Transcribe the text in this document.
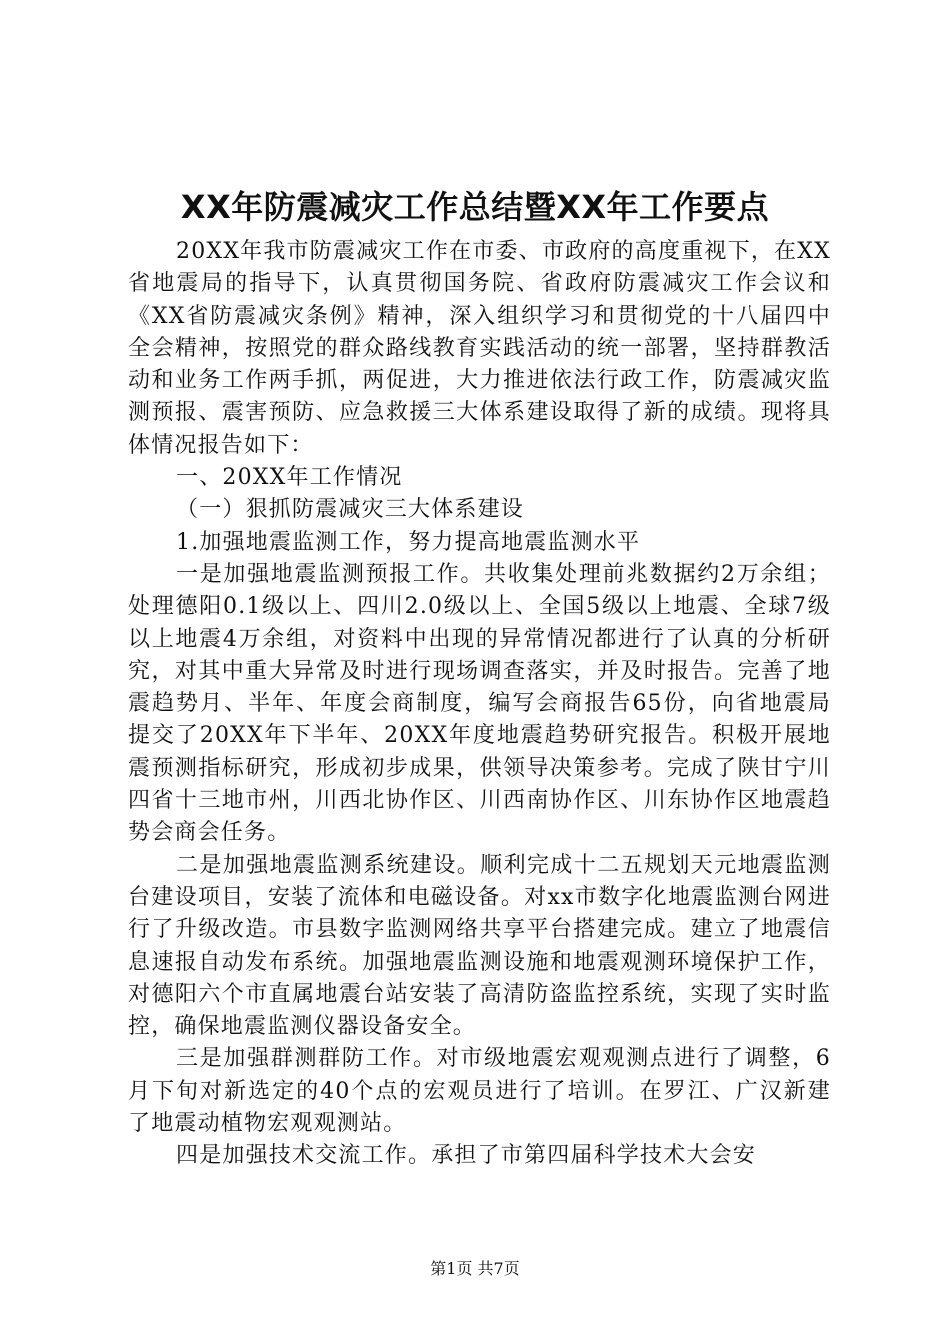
XX年防震减灾工作总结暨XX年工作要点

20XX年我市防震减灾工作在市委、市政府的高度重视下，在XX省地震局的指导下，认真贯彻国务院、省政府防震减灾工作会议和《XX省防震减灾条例》精神，深入组织学习和贯彻党的十八届四中全会精神，按照党的群众路线教育实践活动的统一部署，坚持群教活动和业务工作两手抓，两促进，大力推进依法行政工作，防震减灾监测预报、震害预防、应急救援三大体系建设取得了新的成绩。现将具体情况报告如下：

一、20XX年工作情况

（一）狠抓防震减灾三大体系建设

1.加强地震监测工作，努力提高地震监测水平

一是加强地震监测预报工作。共收集处理前兆数据约2万余组；处理德阳0.1级以上、四川2.0级以上、全国5级以上地震、全球7级以上地震4万余组，对资料中出现的异常情况都进行了认真的分析研究，对其中重大异常及时进行现场调查落实，并及时报告。完善了地震趋势月、半年、年度会商制度，编写会商报告65份，向省地震局提交了20XX年下半年、20XX年度地震趋势研究报告。积极开展地震预测指标研究，形成初步成果，供领导决策参考。完成了陕甘宁川四省十三地市州，川西北协作区、川西南协作区、川东协作区地震趋势会商会任务。

二是加强地震监测系统建设。顺利完成十二五规划天元地震监测台建设项目，安装了流体和电磁设备。对xx市数字化地震监测台网进行了升级改造。市县数字监测网络共享平台搭建完成。建立了地震信息速报自动发布系统。加强地震监测设施和地震观测环境保护工作，对德阳六个市直属地震台站安装了高清防盗监控系统，实现了实时监控，确保地震监测仪器设备安全。

三是加强群测群防工作。对市级地震宏观观测点进行了调整，6月下旬对新选定的40个点的宏观员进行了培训。在罗江、广汉新建了地震动植物宏观观测站。

四是加强技术交流工作。承担了市第四届科学技术大会安

第1页 共7页
